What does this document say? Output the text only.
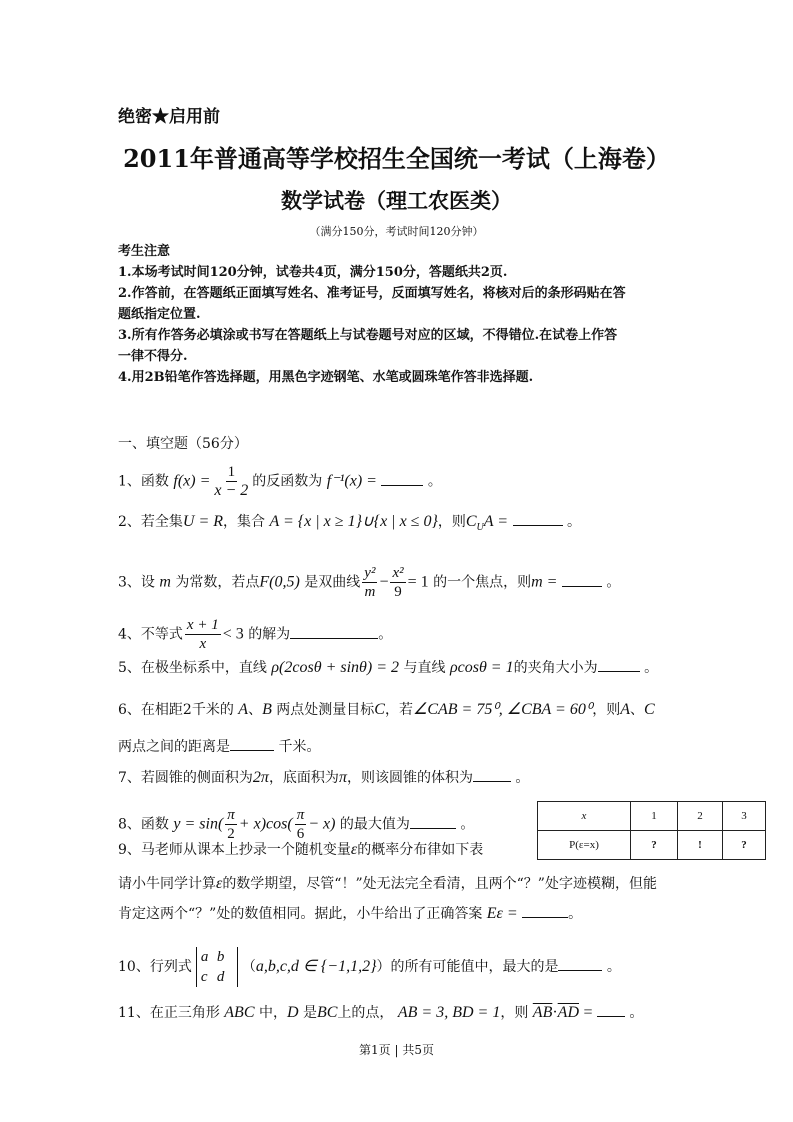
绝密★启用前
2011年普通高等学校招生全国统一考试（上海卷）
数学试卷（理工农医类）
（满分150分，考试时间120分钟）
考生注意
1.本场考试时间120分钟，试卷共4页，满分150分，答题纸共2页.
2.作答前，在答题纸正面填写姓名、准考证号，反面填写姓名，将核对后的条形码贴在答
题纸指定位置.
3.所有作答务必填涂或书写在答题纸上与试卷题号对应的区域，不得错位.在试卷上作答
一律不得分.
4.用2B铅笔作答选择题，用黑色字迹钢笔、水笔或圆珠笔作答非选择题.
一、填空题（56分）
1、函数 $f(x) = \frac{1}{x - 2}$ 的反函数为 f⁻¹(x) =	。
2、若全集U = R，集合 A = {x | x ≥ 1}∪{x | x ≤ 0}，则$C_UA$ =	。
3、设 m 为常数，若点F(0,5) 是双曲线 $\frac{\text{y²}}{m} - \frac{\text{x²}}{9} = 1$ 的一个焦点，则m =	。
4、不等式 $\frac{x + 1}{x} < 3$ 的解为	。
5、在极坐标系中，直线 ρ(2cosθ + sinθ) = 2 与直线 ρcosθ = 1的夹角大小为	。
6、在相距2千米的 A、B 两点处测量目标C，若∠CAB = 75⁰, ∠CBA = 60⁰，则A、C
两点之间的距离是	千米。
7、若圆锥的侧面积为2π，底面积为π，则该圆锥的体积为	。
8、函数 $y = \sin( \frac{\pi}{2} + x)\cos( \frac{\pi}{6} - x)$ 的最大值为	。
9、马老师从课本上抄录一个随机变量ε的概率分布律如下表
请小牛同学计算ε的数学期望，尽管“！”处无法完全看清，且两个“？”处字迹模糊，但能
肯定这两个“？”处的数值相同。据此，小牛给出了正确答案 Eε =	。
x	1	2	3
P(ε=x)	?	!	?
10、行列式a b
c d（a,b,c,d ∈ {−1,1,2}）的所有可能值中，最大的是	。
11、在正三角形 ABC 中，D 是BC上的点， AB = 3, BD = 1，则 $\overline{AB}\cdot\overline{AD}$ =	。
第1页 | 共5页
